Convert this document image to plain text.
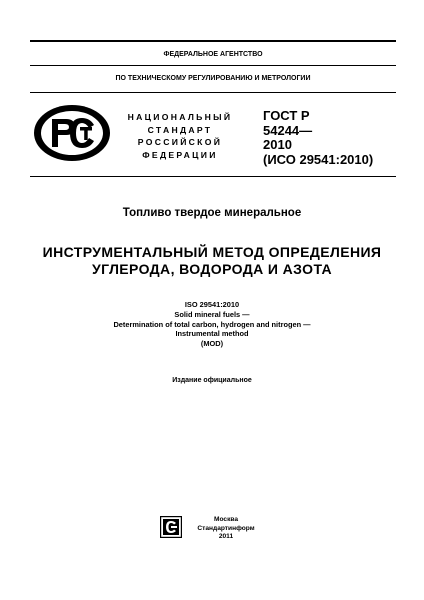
ФЕДЕРАЛЬНОЕ АГЕНТСТВО
ПО ТЕХНИЧЕСКОМУ РЕГУЛИРОВАНИЮ И МЕТРОЛОГИИ
НАЦИОНАЛЬНЫЙ
СТАНДАРТ
РОССИЙСКОЙ
ФЕДЕРАЦИИ
ГОСТ Р
54244—
2010
(ИСО 29541:2010)
Топливо твердое минеральное
ИНСТРУМЕНТАЛЬНЫЙ МЕТОД ОПРЕДЕЛЕНИЯ
УГЛЕРОДА, ВОДОРОДА И АЗОТА
ISO 29541:2010
Solid mineral fuels —
Determination of total carbon, hydrogen and nitrogen —
Instrumental method
(MOD)
Издание официальное
Москва
Стандартинформ
2011
